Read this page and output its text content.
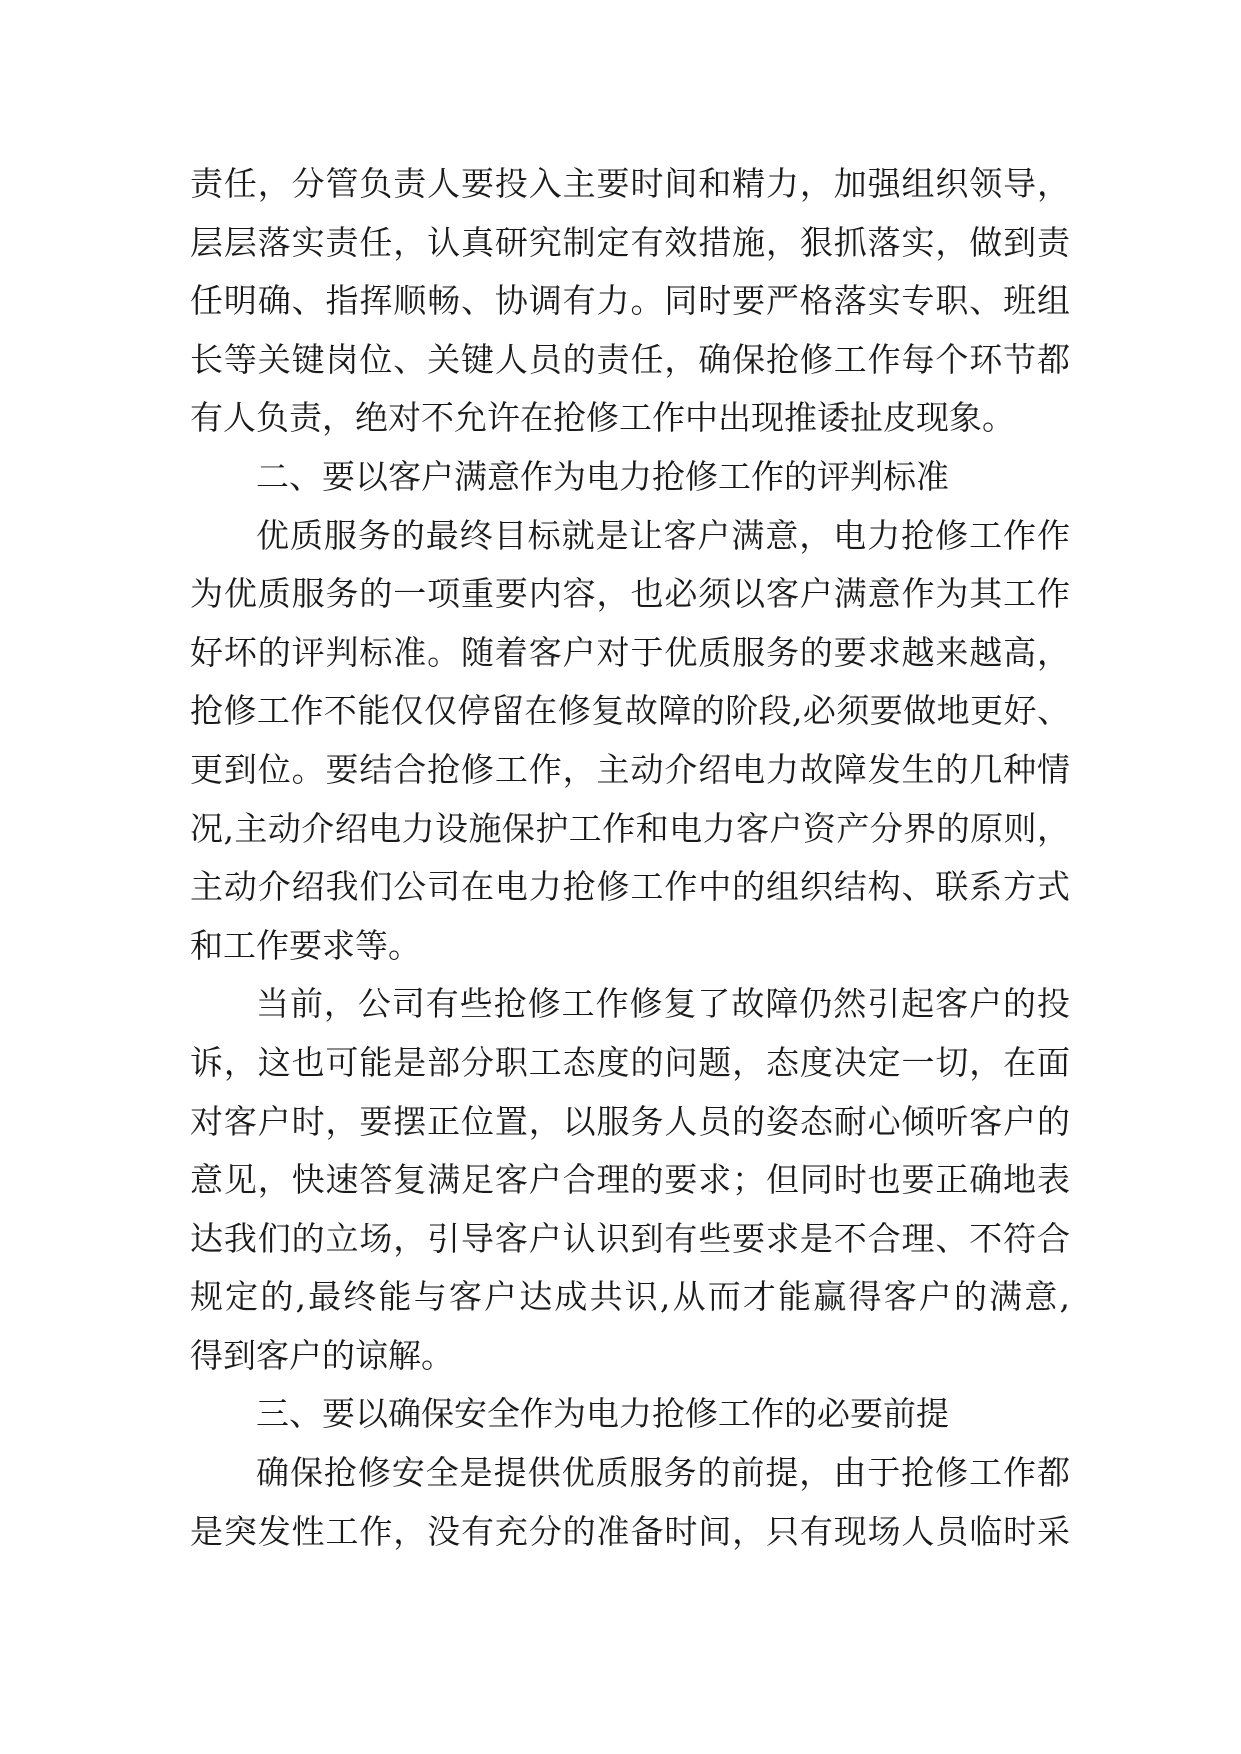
责任，分管负责人要投入主要时间和精力，加强组织领导，
层层落实责任，认真研究制定有效措施，狠抓落实，做到责
任明确、指挥顺畅、协调有力。同时要严格落实专职、班组
长等关键岗位、关键人员的责任，确保抢修工作每个环节都
有人负责，绝对不允许在抢修工作中出现推诿扯皮现象。
二、要以客户满意作为电力抢修工作的评判标准
优质服务的最终目标就是让客户满意，电力抢修工作作
为优质服务的一项重要内容，也必须以客户满意作为其工作
好坏的评判标准。随着客户对于优质服务的要求越来越高，
抢修工作不能仅仅停留在修复故障的阶段,必须要做地更好、
更到位。要结合抢修工作，主动介绍电力故障发生的几种情
况,主动介绍电力设施保护工作和电力客户资产分界的原则，
主动介绍我们公司在电力抢修工作中的组织结构、联系方式
和工作要求等。
当前，公司有些抢修工作修复了故障仍然引起客户的投
诉，这也可能是部分职工态度的问题，态度决定一切，在面
对客户时，要摆正位置，以服务人员的姿态耐心倾听客户的
意见，快速答复满足客户合理的要求；但同时也要正确地表
达我们的立场，引导客户认识到有些要求是不合理、不符合
规定的,最终能与客户达成共识,从而才能赢得客户的满意,
得到客户的谅解。
三、要以确保安全作为电力抢修工作的必要前提
确保抢修安全是提供优质服务的前提，由于抢修工作都
是突发性工作，没有充分的准备时间，只有现场人员临时采
